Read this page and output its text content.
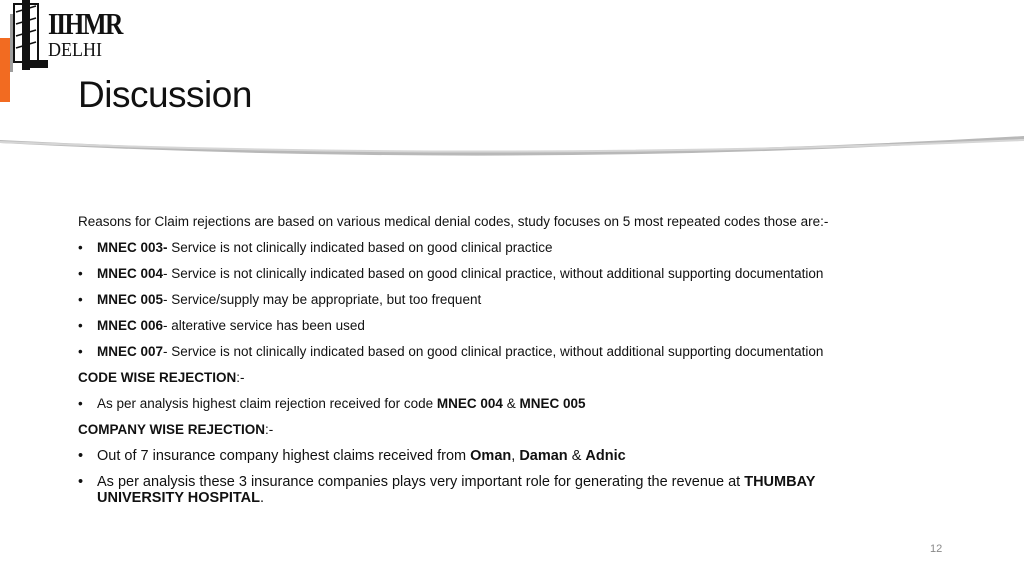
IIHMR
DELHI
Discussion
Reasons for Claim rejections are based on various medical denial codes, study focuses on 5 most repeated codes those are:-
•	MNEC 003- Service is not clinically indicated based on good clinical practice
•	MNEC 004- Service is not clinically indicated based on good clinical practice, without additional supporting documentation
•	MNEC 005- Service/supply may be appropriate, but too frequent
•	MNEC 006- alterative service has been used
•	MNEC 007- Service is not clinically indicated based on good clinical practice, without additional supporting documentation
CODE WISE REJECTION:-
•	As per analysis highest claim rejection received for code MNEC 004 & MNEC 005
COMPANY WISE REJECTION:-
• Out of 7 insurance company highest claims received from Oman, Daman & Adnic
• As per analysis these 3 insurance companies plays very important role for generating the revenue at THUMBAY UNIVERSITY HOSPITAL.
12
